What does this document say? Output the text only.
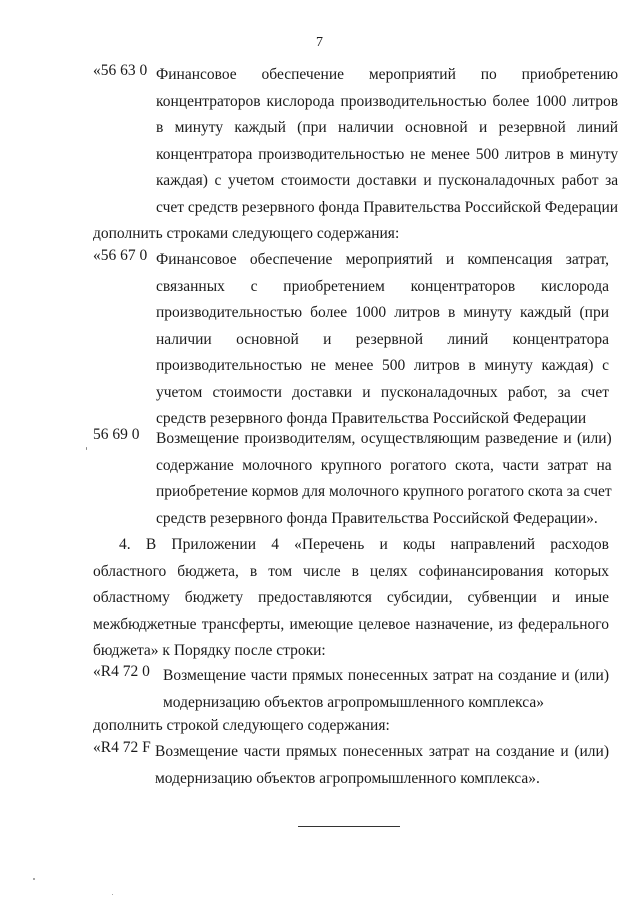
7
«56 63 0 Финансовое обеспечение мероприятий по приобретению
концентраторов кислорода производительностью более 1000 литров
в минуту каждый (при наличии основной и резервной линий
концентратора производительностью не менее 500 литров в минуту
каждая) с учетом стоимости доставки и пусконаладочных работ за
счет средств резервного фонда Правительства Российской Федерации
дополнить строками следующего содержания:
«56 67 0 Финансовое обеспечение мероприятий и компенсация затрат,
связанных с приобретением концентраторов кислорода
производительностью более 1000 литров в минуту каждый (при
наличии основной и резервной линий концентратора
производительностью не менее 500 литров в минуту каждая) с
учетом стоимости доставки и пусконаладочных работ, за счет
средств резервного фонда Правительства Российской Федерации
56 69 0	Возмещение производителям, осуществляющим разведение и (или)
содержание молочного крупного рогатого скота, части затрат на
приобретение кормов для молочного крупного рогатого скота за счет
средств резервного фонда Правительства Российской Федерации».
4. В Приложении 4 «Перечень и коды направлений расходов
областного бюджета, в том числе в целях софинансирования которых
областному бюджету предоставляются субсидии, субвенции и иные
межбюджетные трансферты, имеющие целевое назначение, из федерального
бюджета» к Порядку после строки:
«R4 72 0 Возмещение части прямых понесенных затрат на создание и (или)
модернизацию объектов агропромышленного комплекса»
дополнить строкой следующего содержания:
«R4 72 F Возмещение части прямых понесенных затрат на создание и (или)
модернизацию объектов агропромышленного комплекса».
